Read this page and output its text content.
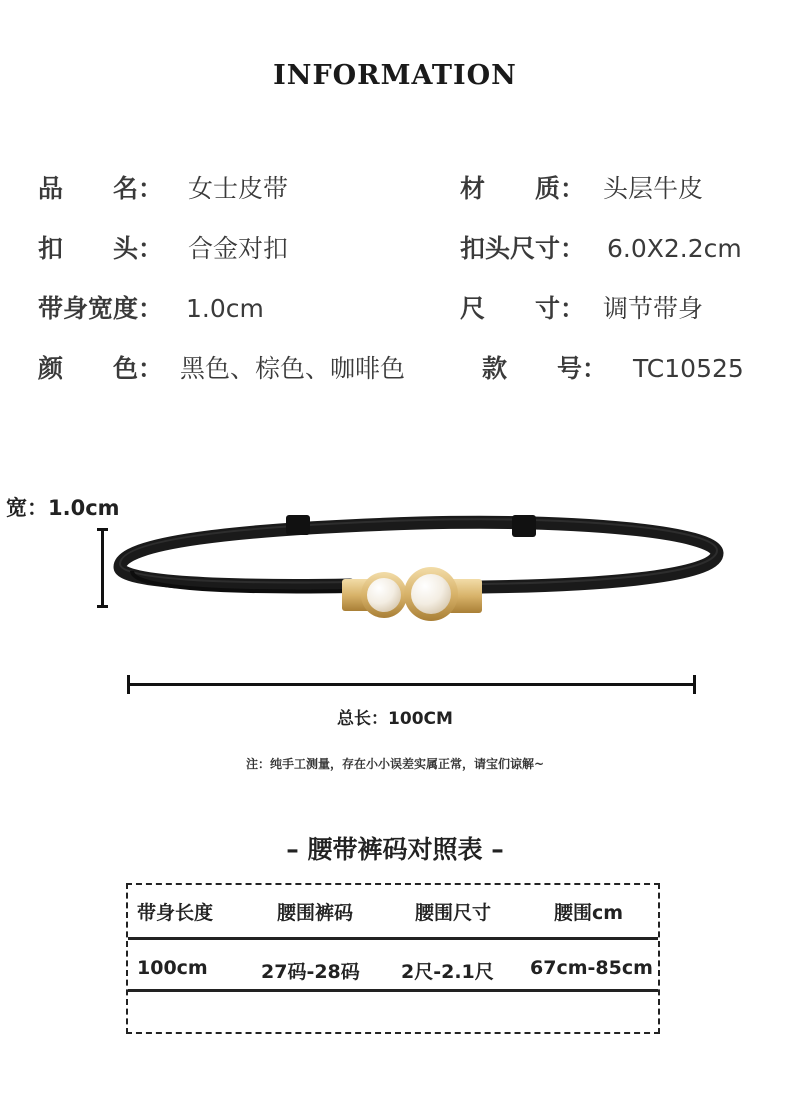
INFORMATION
品　　名： 女士皮带	材　　质： 头层牛皮
扣　　头： 合金对扣	扣头尺寸： 6.0X2.2cm
带身宽度： 1.0cm	尺　　寸： 调节带身
颜　　色： 黑色、棕色、咖啡色	款　　号： TC10525
宽：1.0cm
总长：100CM
注：纯手工测量，存在小小误差实属正常，请宝们谅解~
– 腰带裤码对照表 –
带身长度	腰围裤码	腰围尺寸	腰围cm
100cm	27码-28码 2尺-2.1尺 67cm-85cm
